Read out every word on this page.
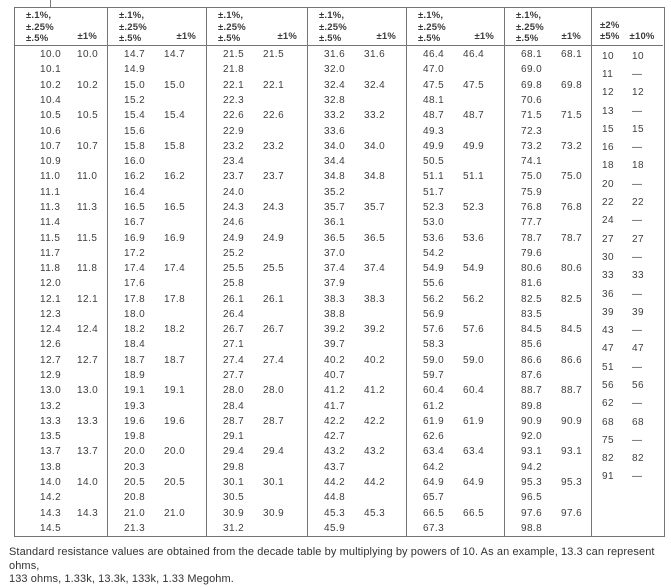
±.1%,
±.25%
±.5%	±1%
10.0	10.0
10.1
10.2	10.2
10.4
10.5	10.5
10.6
10.7	10.7
10.9
11.0	11.0
11.1
11.3	11.3
11.4
11.5	11.5
11.7
11.8	11.8
12.0
12.1	12.1
12.3
12.4	12.4
12.6
12.7	12.7
12.9
13.0	13.0
13.2
13.3	13.3
13.5
13.7	13.7
13.8
14.0	14.0
14.2
14.3	14.3
14.5
±.1%,
±.25%
±.5%	±1%
14.7	14.7
14.9
15.0	15.0
15.2
15.4	15.4
15.6
15.8	15.8
16.0
16.2	16.2
16.4
16.5	16.5
16.7
16.9	16.9
17.2
17.4	17.4
17.6
17.8	17.8
18.0
18.2	18.2
18.4
18.7	18.7
18.9
19.1	19.1
19.3
19.6	19.6
19.8
20.0	20.0
20.3
20.5	20.5
20.8
21.0	21.0
21.3
±.1%,
±.25%
±.5%	±1%
21.5	21.5
21.8
22.1	22.1
22.3
22.6	22.6
22.9
23.2	23.2
23.4
23.7	23.7
24.0
24.3	24.3
24.6
24.9	24.9
25.2
25.5	25.5
25.8
26.1	26.1
26.4
26.7	26.7
27.1
27.4	27.4
27.7
28.0	28.0
28.4
28.7	28.7
29.1
29.4	29.4
29.8
30.1	30.1
30.5
30.9	30.9
31.2
±.1%,
±.25%
±.5%	±1%
31.6	31.6
32.0
32.4	32.4
32.8
33.2	33.2
33.6
34.0	34.0
34.4
34.8	34.8
35.2
35.7	35.7
36.1
36.5	36.5
37.0
37.4	37.4
37.9
38.3	38.3
38.8
39.2	39.2
39.7
40.2	40.2
40.7
41.2	41.2
41.7
42.2	42.2
42.7
43.2	43.2
43.7
44.2	44.2
44.8
45.3	45.3
45.9
±.1%,
±.25%
±.5%	±1%
46.4	46.4
47.0
47.5	47.5
48.1
48.7	48.7
49.3
49.9	49.9
50.5
51.1	51.1
51.7
52.3	52.3
53.0
53.6	53.6
54.2
54.9	54.9
55.6
56.2	56.2
56.9
57.6	57.6
58.3
59.0	59.0
59.7
60.4	60.4
61.2
61.9	61.9
62.6
63.4	63.4
64.2
64.9	64.9
65.7
66.5	66.5
67.3
±.1%,
±.25%
±.5%	±1%
68.1	68.1
69.0
69.8	69.8
70.6
71.5	71.5
72.3
73.2	73.2
74.1
75.0	75.0
75.9
76.8	76.8
77.7
78.7	78.7
79.6
80.6	80.6
81.6
82.5	82.5
83.5
84.5	84.5
85.6
86.6	86.6
87.6
88.7	88.7
89.8
90.9	90.9
92.0
93.1	93.1
94.2
95.3	95.3
96.5
97.6	97.6
98.8
±2%
±5% ±10%
10	10
11	—
12	12
13	—
15	15
16	—
18	18
20	—
22	22
24	—
27	27
30	—
33	33
36	—
39	39
43	—
47	47
51	—
56	56
62	—
68	68
75	—
82	82
91	—
Standard resistance values are obtained from the decade table by multiplying by powers of 10. As an example, 13.3 can represent ohms,
133 ohms, 1.33k, 13.3k, 133k, 1.33 Megohm.
